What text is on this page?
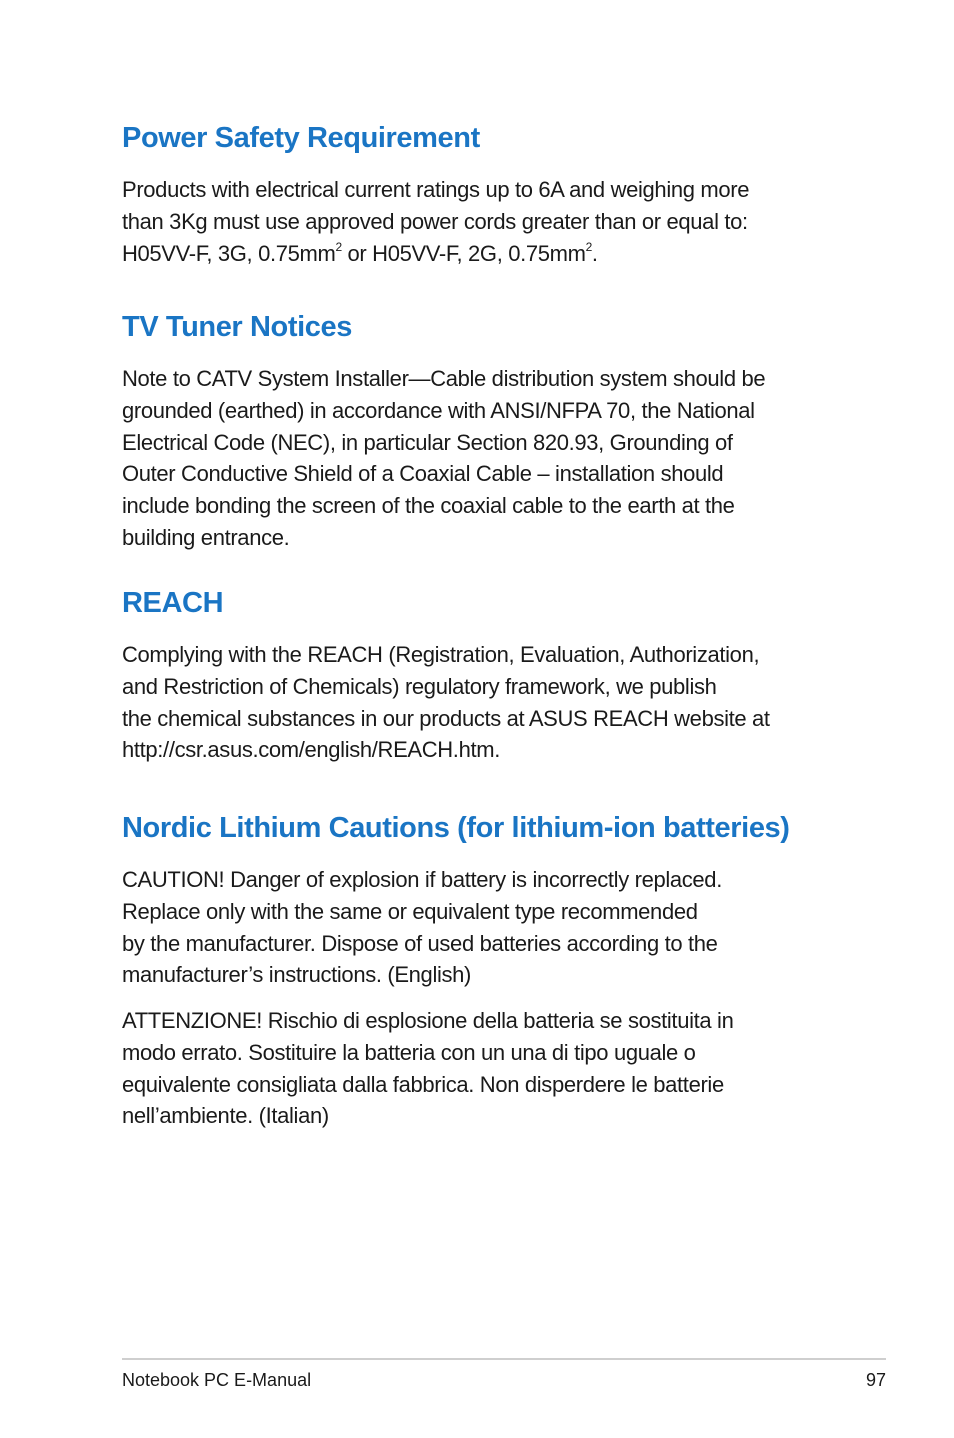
Power Safety Requirement

Products with electrical current ratings up to 6A and weighing more
than 3Kg must use approved power cords greater than or equal to:
H05VV-F, 3G, $0.75mm^2$ or H05VV-F, 2G, $0.75mm^2$.

TV Tuner Notices

Note to CATV System Installer—Cable distribution system should be
grounded (earthed) in accordance with ANSI/NFPA 70, the National
Electrical Code (NEC), in particular Section 820.93, Grounding of
Outer Conductive Shield of a Coaxial Cable – installation should
include bonding the screen of the coaxial cable to the earth at the
building entrance.

REACH

Complying with the REACH (Registration, Evaluation, Authorization,
and Restriction of Chemicals) regulatory framework, we publish
the chemical substances in our products at ASUS REACH website at
http://csr.asus.com/english/REACH.htm.

Nordic Lithium Cautions (for lithium-ion batteries)

CAUTION! Danger of explosion if battery is incorrectly replaced.
Replace only with the same or equivalent type recommended
by the manufacturer. Dispose of used batteries according to the
manufacturer’s instructions. (English)

ATTENZIONE! Rischio di esplosione della batteria se sostituita in
modo errato. Sostituire la batteria con un una di tipo uguale o
equivalente consigliata dalla fabbrica. Non disperdere le batterie
nell’ambiente. (Italian)

Notebook PC E-Manual	97
